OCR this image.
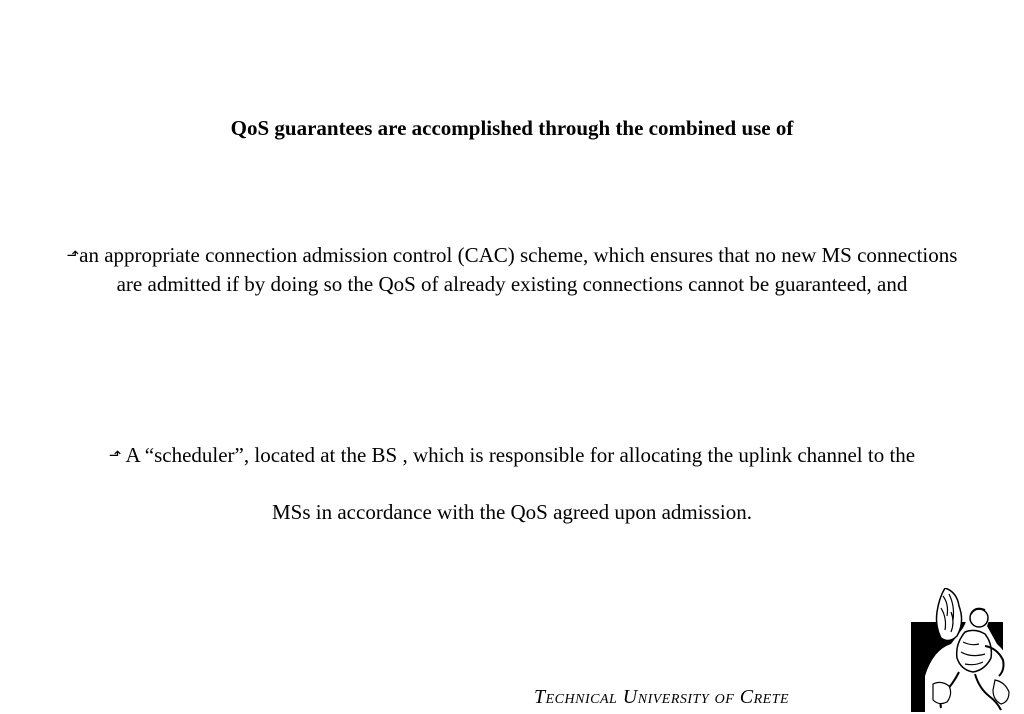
QoS guarantees are accomplished through the combined use of
⬏an appropriate connection admission control (CAC) scheme, which ensures that no new MS connections are admitted if by doing so the QoS of already existing connections cannot be guaranteed, and
⬏ A “scheduler”, located at the BS , which is responsible for allocating the uplink channel to the
MSs in accordance with the QoS agreed upon admission.
Technical University of Crete
